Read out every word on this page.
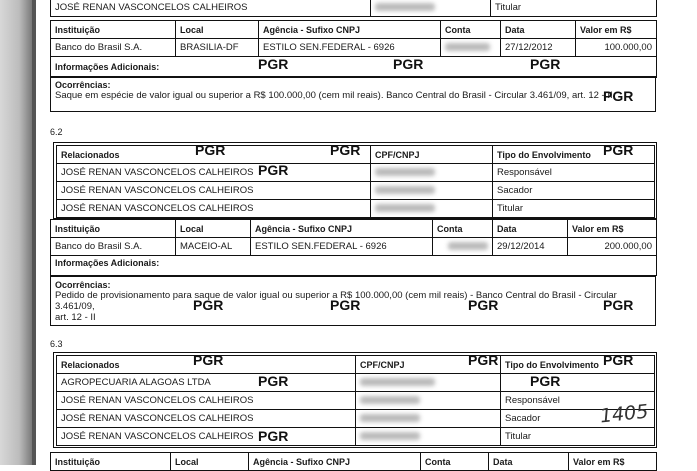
JOSÉ RENAN VASCONCELOS CALHEIROS		Titular
Instituição	Local	Agência - Sufixo CNPJ	Conta	Data	Valor em R$
Banco do Brasil S.A.	BRASILIA-DF	ESTILO SEN.FEDERAL - 6926		27/12/2012	100.000,00
Informações Adicionais:					
Ocorrências:
Saque em espécie de valor igual ou superior a R$ 100.000,00 (cem mil reais). Banco Central do Brasil - Circular 3.461/09, art. 12 - II
PGR	PGR	PGR
PGR
6.2
Relacionados	CPF/CNPJ	Tipo do Envolvimento
JOSÉ RENAN VASCONCELOS CALHEIROS		Responsável
JOSÉ RENAN VASCONCELOS CALHEIROS		Sacador
JOSÉ RENAN VASCONCELOS CALHEIROS		Titular
Instituição	Local	Agência - Sufixo CNPJ	Conta	Data	Valor em R$
Banco do Brasil S.A.	MACEIO-AL	ESTILO SEN.FEDERAL - 6926		29/12/2014	200.000,00
Informações Adicionais:					
Ocorrências:
Pedido de provisionamento para saque de valor igual ou superior a R$ 100.000,00 (cem mil reais) - Banco Central do Brasil - Circular 3.461/09,
art. 12 - II
PGR	PGR	PGR
PGR
PGR	PGR	PGR	PGR
6.3
Relacionados	CPF/CNPJ	Tipo do Envolvimento
AGROPECUARIA ALAGOAS LTDA		
JOSÉ RENAN VASCONCELOS CALHEIROS		Responsável
JOSÉ RENAN VASCONCELOS CALHEIROS		Sacador
JOSÉ RENAN VASCONCELOS CALHEIROS		Titular
Instituição	Local	Agência - Sufixo CNPJ	Conta	Data	Valor em R$
PGR	PGR	PGR
PGR	PGR
PGR
1405
